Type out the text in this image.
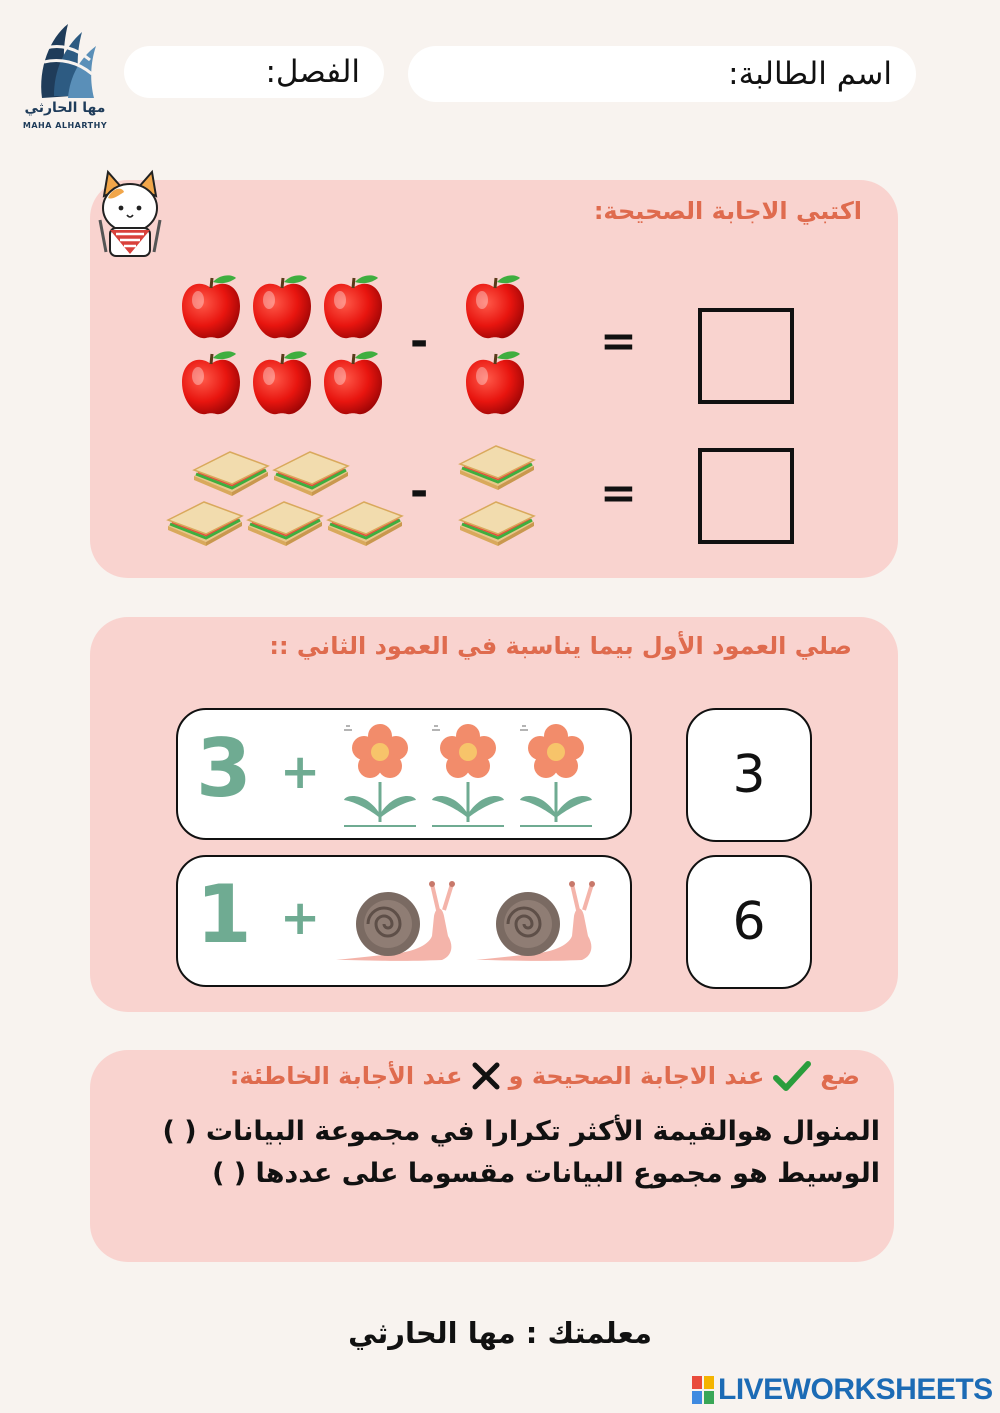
مها الحارثي
MAHA ALHARTHY
الفصل:	اسم الطالبة:
اكتبي الاجابة الصحيحة:
-	=
-	=
صلي العمود الأول بيما يناسبة في العمود الثاني ::
3 +	3
1 +	6
ضع
عند الاجابة الصحيحة و
عند الأجابة الخاطئة:
المنوال هوالقيمة الأكثر تكرارا في مجموعة البيانات ( )
الوسيط هو مجموع البيانات مقسوما على عددها ( )
معلمتك : مها الحارثي
LIVEWORKSHEETS
